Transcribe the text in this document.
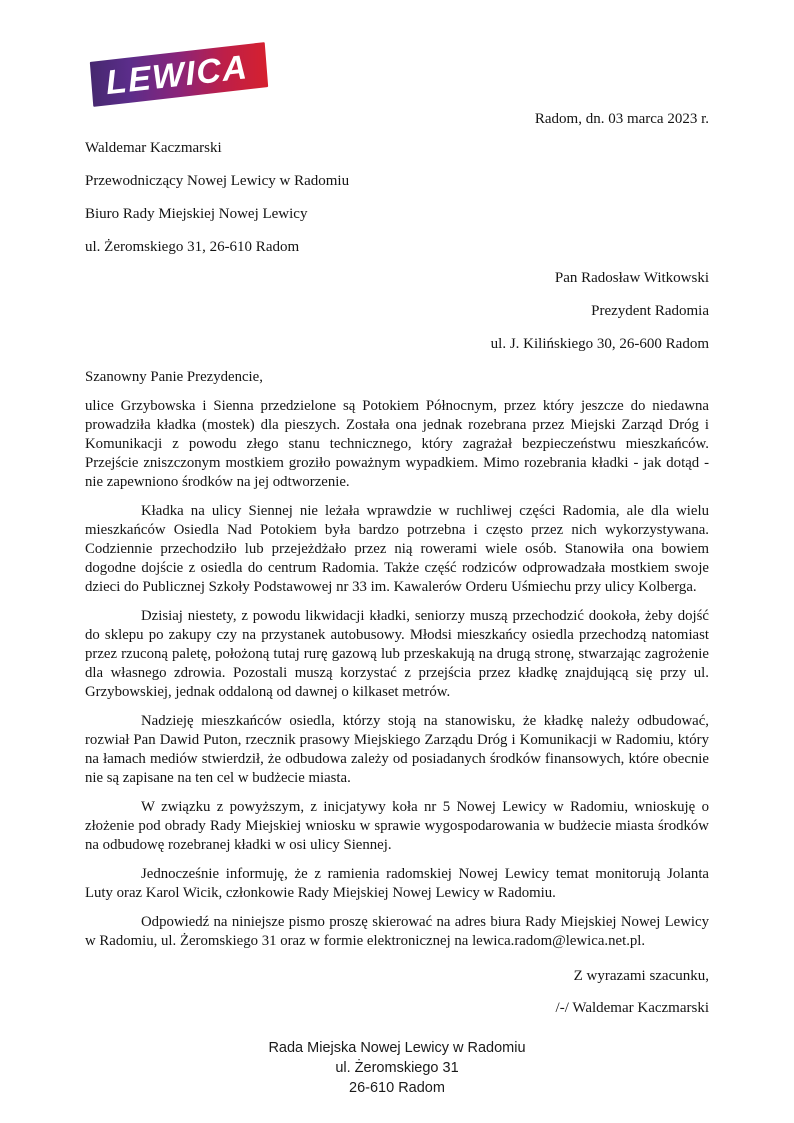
LEWICA
Radom, dn. 03 marca 2023 r.

Waldemar Kaczmarski

Przewodniczący Nowej Lewicy w Radomiu

Biuro Rady Miejskiej Nowej Lewicy

ul. Żeromskiego 31, 26-610 Radom

Pan Radosław Witkowski

Prezydent Radomia

ul. J. Kilińskiego 30, 26-600 Radom

Szanowny Panie Prezydencie,

ulice Grzybowska i Sienna przedzielone są Potokiem Północnym, przez który jeszcze do niedawna prowadziła kładka (mostek) dla pieszych. Została ona jednak rozebrana przez Miejski Zarząd Dróg i Komunikacji z powodu złego stanu technicznego, który zagrażał bezpieczeństwu mieszkańców. Przejście zniszczonym mostkiem groziło poważnym wypadkiem. Mimo rozebrania kładki - jak dotąd - nie zapewniono środków na jej odtworzenie.

Kładka na ulicy Siennej nie leżała wprawdzie w ruchliwej części Radomia, ale dla wielu mieszkańców Osiedla Nad Potokiem była bardzo potrzebna i często przez nich wykorzystywana. Codziennie przechodziło lub przejeżdżało przez nią rowerami wiele osób. Stanowiła ona bowiem dogodne dojście z osiedla do centrum Radomia. Także część rodziców odprowadzała mostkiem swoje dzieci do Publicznej Szkoły Podstawowej nr 33 im. Kawalerów Orderu Uśmiechu przy ulicy Kolberga.

Dzisiaj niestety, z powodu likwidacji kładki, seniorzy muszą przechodzić dookoła, żeby dojść do sklepu po zakupy czy na przystanek autobusowy. Młodsi mieszkańcy osiedla przechodzą natomiast przez rzuconą paletę, położoną tutaj rurę gazową lub przeskakują na drugą stronę, stwarzając zagrożenie dla własnego zdrowia. Pozostali muszą korzystać z przejścia przez kładkę znajdującą się przy ul. Grzybowskiej, jednak oddaloną od dawnej o kilkaset metrów.

Nadzieję mieszkańców osiedla, którzy stoją na stanowisku, że kładkę należy odbudować, rozwiał Pan Dawid Puton, rzecznik prasowy Miejskiego Zarządu Dróg i Komunikacji w Radomiu, który na łamach mediów stwierdził, że odbudowa zależy od posiadanych środków finansowych, które obecnie nie są zapisane na ten cel w budżecie miasta.

W związku z powyższym, z inicjatywy koła nr 5 Nowej Lewicy w Radomiu, wnioskuję o złożenie pod obrady Rady Miejskiej wniosku w sprawie wygospodarowania w budżecie miasta środków na odbudowę rozebranej kładki w osi ulicy Siennej.

Jednocześnie informuję, że z ramienia radomskiej Nowej Lewicy temat monitorują Jolanta Luty oraz Karol Wicik, członkowie Rady Miejskiej Nowej Lewicy w Radomiu.

Odpowiedź na niniejsze pismo proszę skierować na adres biura Rady Miejskiej Nowej Lewicy w Radomiu, ul. Żeromskiego 31 oraz w formie elektronicznej na lewica.radom@lewica.net.pl.

Z wyrazami szacunku,

/-/ Waldemar Kaczmarski

Rada Miejska Nowej Lewicy w Radomiu

ul. Żeromskiego 31

26-610 Radom
